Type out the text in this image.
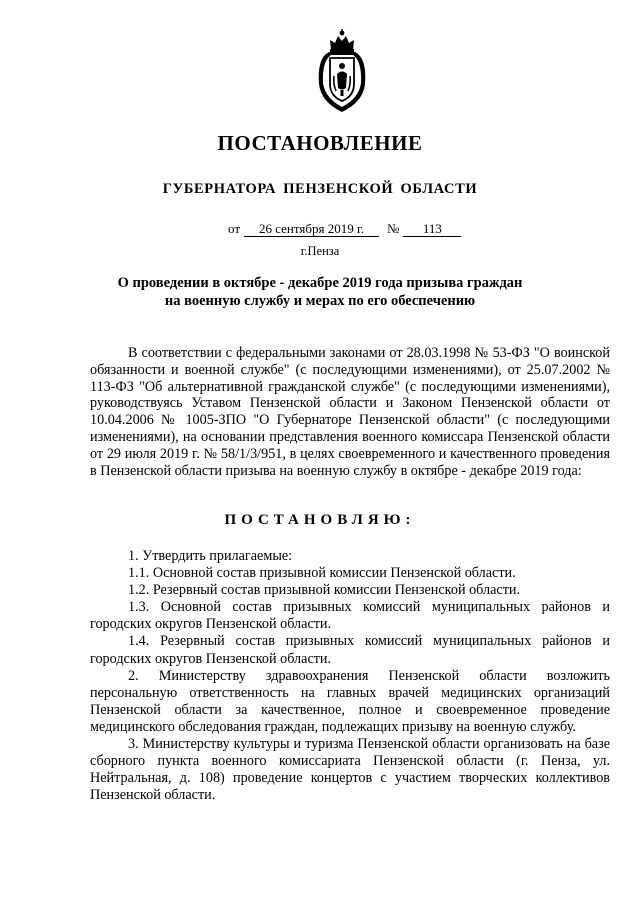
ПОСТАНОВЛЕНИЕ
ГУБЕРНАТОРА ПЕНЗЕНСКОЙ ОБЛАСТИ
от 26 сентября 2019 г. № 113
г.Пенза
О проведении в октябре - декабре 2019 года призыва граждан
на военную службу и мерах по его обеспечению

В соответствии с федеральными законами от 28.03.1998 № 53-ФЗ "О воинской обязанности и военной службе" (с последующими изменениями), от 25.07.2002 № 113-ФЗ "Об альтернативной гражданской службе" (с последующими изменениями), руководствуясь Уставом Пензенской области и Законом Пензенской области от 10.04.2006 № 1005-ЗПО "О Губернаторе Пензенской области" (с последующими изменениями), на основании представления военного комиссара Пензенской области от 29 июля 2019 г. № 58/1/3/951, в целях своевременного и качественного проведения в Пензенской области призыва на военную службу в октябре - декабре 2019 года:

ПОСТАНОВЛЯЮ:

1. Утвердить прилагаемые:

1.1. Основной состав призывной комиссии Пензенской области.

1.2. Резервный состав призывной комиссии Пензенской области.

1.3. Основной состав призывных комиссий муниципальных районов и городских округов Пензенской области.

1.4. Резервный состав призывных комиссий муниципальных районов и городских округов Пензенской области.

2. Министерству здравоохранения Пензенской области возложить персональную ответственность на главных врачей медицинских организаций Пензенской области за качественное, полное и своевременное проведение медицинского обследования граждан, подлежащих призыву на военную службу.

3. Министерству культуры и туризма Пензенской области организовать на базе сборного пункта военного комиссариата Пензенской области (г. Пенза, ул. Нейтральная, д. 108) проведение концертов с участием творческих коллективов Пензенской области.
